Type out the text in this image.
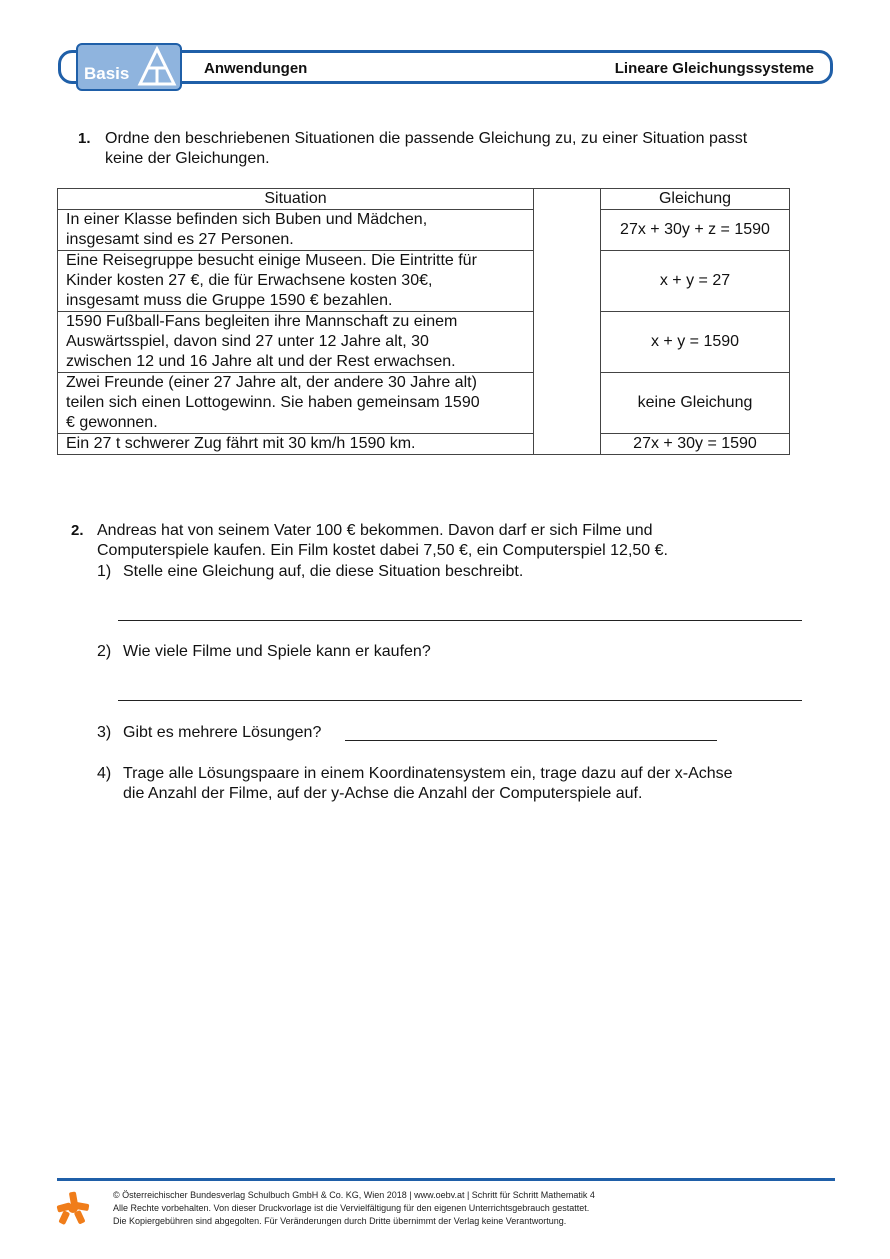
Basis	Anwendungen	Lineare Gleichungssysteme
1. Ordne den beschriebenen Situationen die passende Gleichung zu, zu einer Situation passt
keine der Gleichungen.
Situation		Gleichung
In einer Klasse befinden sich Buben und Mädchen,
insgesamt sind es 27 Personen.		27x + 30y + z = 1590
Eine Reisegruppe besucht einige Museen. Die Eintritte für
Kinder kosten 27 €, die für Erwachsene kosten 30€,
insgesamt muss die Gruppe 1590 € bezahlen.		x + y = 27
1590 Fußball-Fans begleiten ihre Mannschaft zu einem
Auswärtsspiel, davon sind 27 unter 12 Jahre alt, 30
zwischen 12 und 16 Jahre alt und der Rest erwachsen.		x + y = 1590
Zwei Freunde (einer 27 Jahre alt, der andere 30 Jahre alt)
teilen sich einen Lottogewinn. Sie haben gemeinsam 1590
€ gewonnen.		keine Gleichung
Ein 27 t schwerer Zug fährt mit 30 km/h 1590 km.		27x + 30y = 1590
2. Andreas hat von seinem Vater 100 € bekommen. Davon darf er sich Filme und
Computerspiele kaufen. Ein Film kostet dabei 7,50 €, ein Computerspiel 12,50 €.
1) Stelle eine Gleichung auf, die diese Situation beschreibt.
2) Wie viele Filme und Spiele kann er kaufen?
3) Gibt es mehrere Lösungen?
4) Trage alle Lösungspaare in einem Koordinatensystem ein, trage dazu auf der x-Achse
die Anzahl der Filme, auf der y-Achse die Anzahl der Computerspiele auf.
© Österreichischer Bundesverlag Schulbuch GmbH & Co. KG, Wien 2018 | www.oebv.at | Schritt für Schritt Mathematik 4
Alle Rechte vorbehalten. Von dieser Druckvorlage ist die Vervielfältigung für den eigenen Unterrichtsgebrauch gestattet.
Die Kopiergebühren sind abgegolten. Für Veränderungen durch Dritte übernimmt der Verlag keine Verantwortung.
